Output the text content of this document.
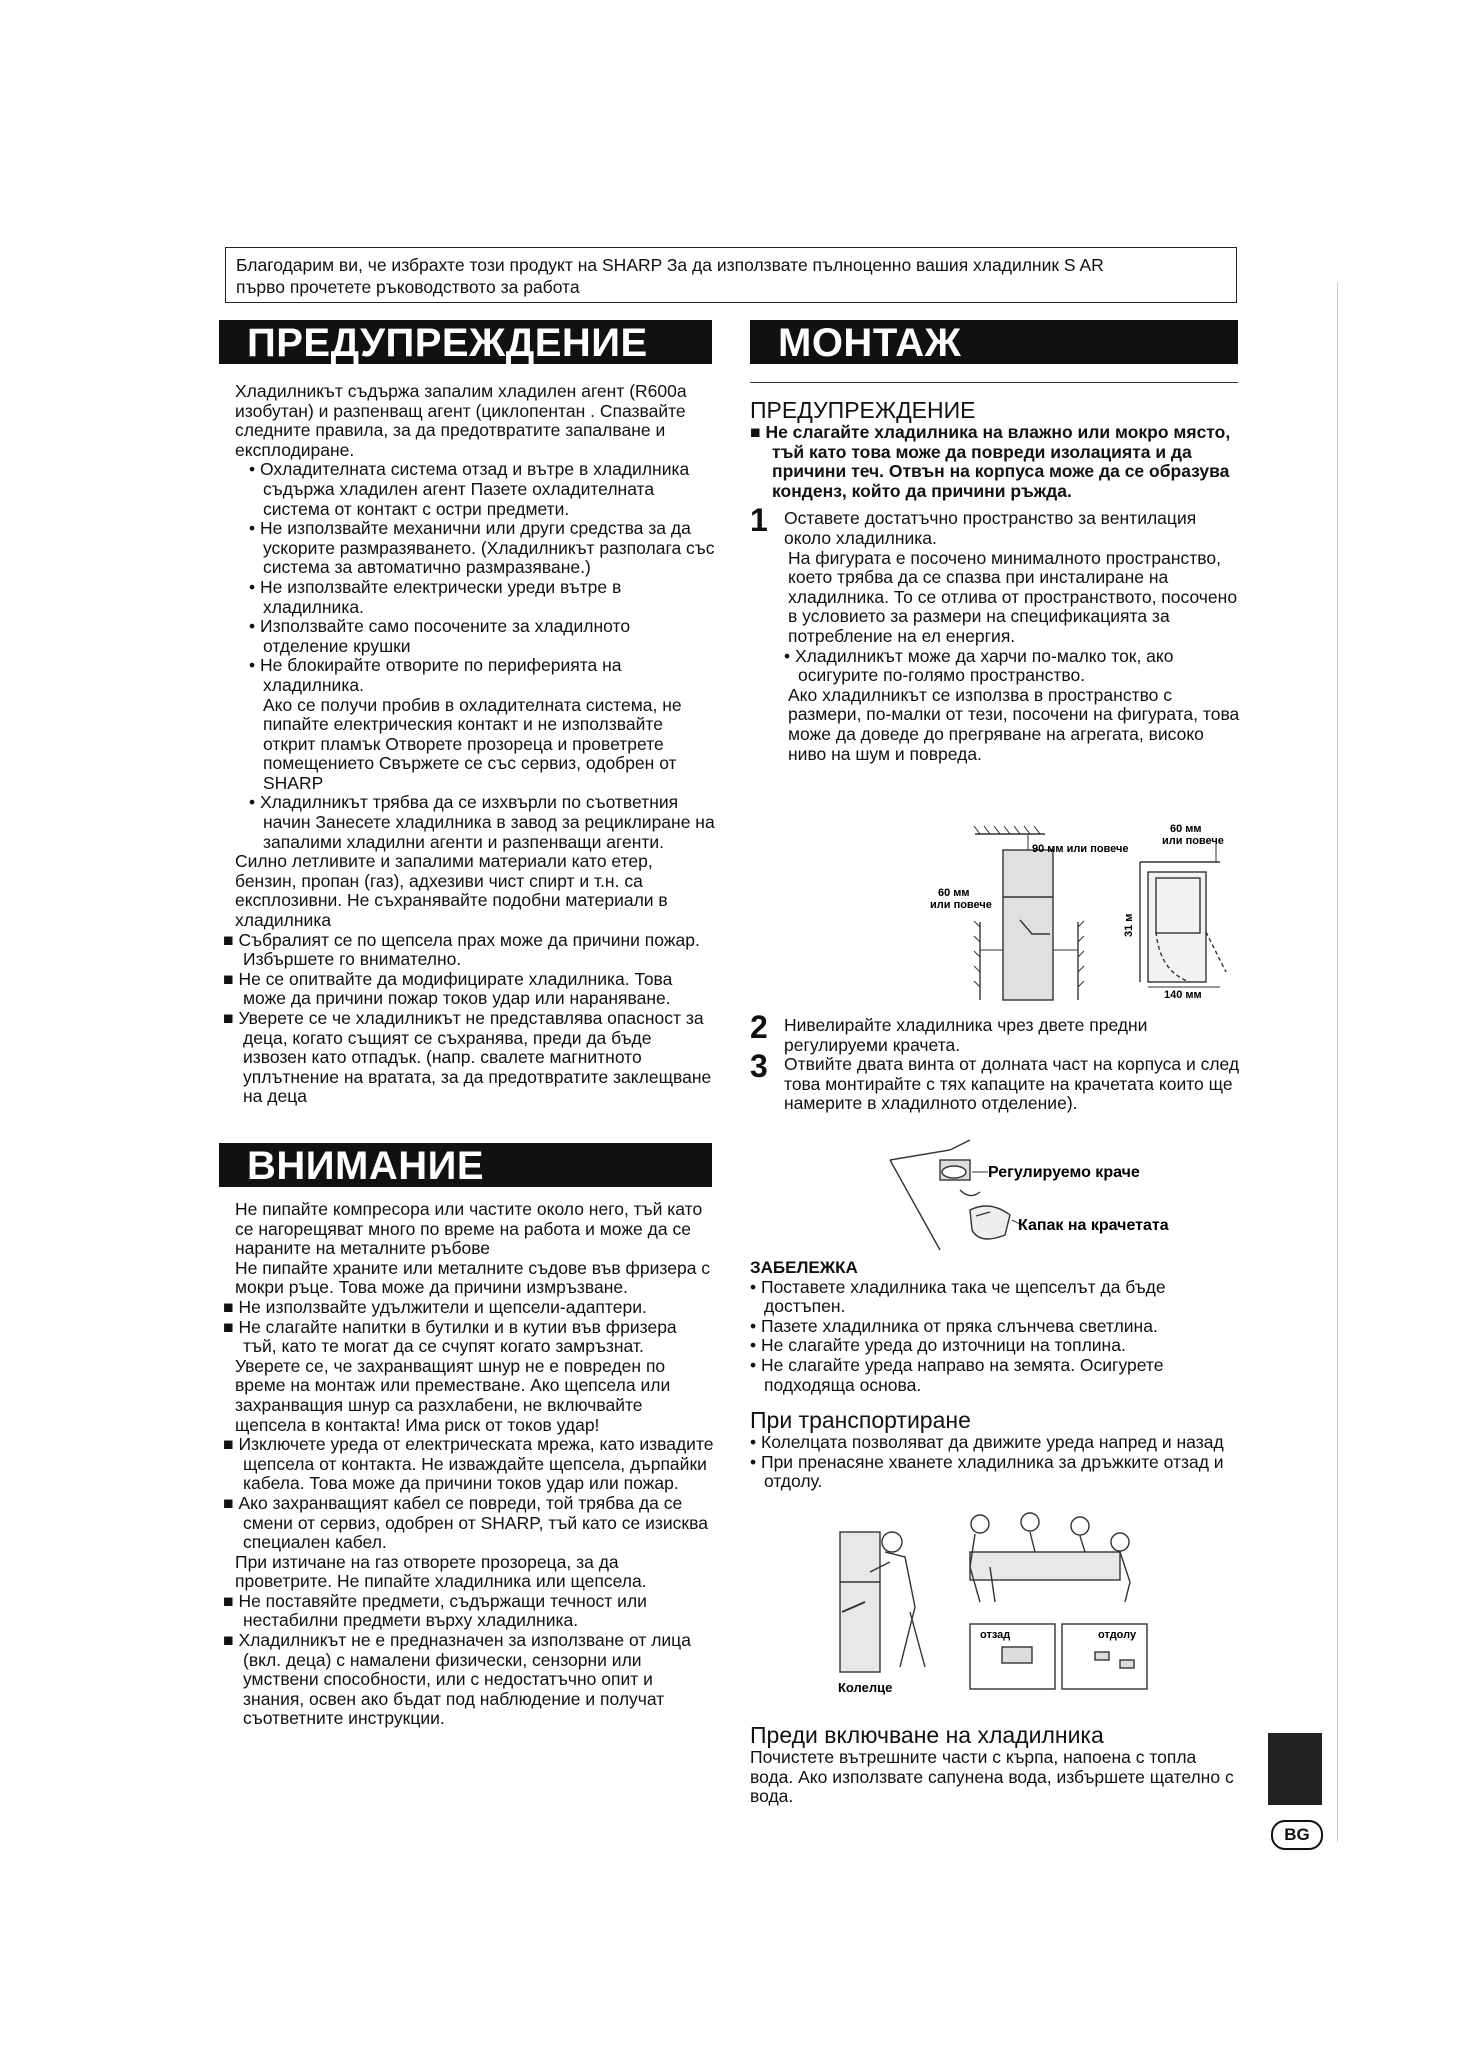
Благодарим ви, че избрахте този продукт на SHARP За да използвате пълноценно вашия хладилник S AR
първо прочетете ръководството за работа
ПРЕДУПРЕЖДЕНИЕ

Хладилникът съдържа запалим хладилен агент (R600a изобутан) и разпенващ агент (циклопентан . Спазвайте следните правила, за да предотвратите запалване и експлодиране.

• Охладителната система отзад и вътре в хладилника съдържа хладилен агент Пазете охладителната система от контакт с остри предмети.

• Не използвайте механични или други средства за да ускорите размразяването. (Хладилникът разполага със система за автоматично размразяване.)

• Не използвайте електрически уреди вътре в хладилника.

• Използвайте само посочените за хладилното отделение крушки

• Не блокирайте отворите по периферията на хладилника.

Ако се получи пробив в охладителната система, не пипайте електрическия контакт и не използвайте открит пламък Отворете прозореца и проветрете помещението Свържете се със сервиз, одобрен от SHARP

• Хладилникът трябва да се изхвърли по съответния начин Занесете хладилника в завод за рециклиране на запалими хладилни агенти и разпенващи агенти.

Силно летливите и запалими материали като етер, бензин, пропан (газ), адхезиви чист спирт и т.н. са експлозивни. Не съхранявайте подобни материали в хладилника

■ Събралият се по щепсела прах може да причини пожар. Избършете го внимателно.

■ Не се опитвайте да модифицирате хладилника. Това може да причини пожар токов удар или нараняване.

■ Уверете се че хладилникът не представлява опасност за деца, когато същият се съхранява, преди да бъде извозен като отпадък. (напр. свалете магнитното уплътнение на вратата, за да предотвратите заклещване на деца

ВНИМАНИЕ

Не пипайте компресора или частите около него, тъй като се нагорещяват много по време на работа и може да се нараните на металните ръбове

Не пипайте храните или металните съдове във фризера с мокри ръце. Това може да причини измръзване.

■ Не използвайте удължители и щепсели-адаптери.

■ Не слагайте напитки в бутилки и в кутии във фризера тъй, като те могат да се счупят когато замръзнат.

Уверете се, че захранващият шнур не е повреден по време на монтаж или преместване. Ако щепсела или захранващия шнур са разхлабени, не включвайте щепсела в контакта! Има риск от токов удар!

■ Изключете уреда от електрическата мрежа, като извадите щепсела от контакта. Не изваждайте щепсела, дърпайки кабела. Това може да причини токов удар или пожар.

■ Ако захранващият кабел се повреди, той трябва да се смени от сервиз, одобрен от SHARP, тъй като се изисква специален кабел.

При изтичане на газ отворете прозореца, за да проветрите. Не пипайте хладилника или щепсела.

■ Не поставяйте предмети, съдържащи течност или нестабилни предмети върху хладилника.

■ Хладилникът не е предназначен за използване от лица (вкл. деца) с намалени физически, сензорни или умствени способности, или с недостатъчно опит и знания, освен ако бъдат под наблюдение и получат съответните инструкции.

МОНТАЖ

ПРЕДУПРЕЖДЕНИЕ

■ Не слагайте хладилника на влажно или мокро място, тъй като това може да повреди изолацията и да причини теч. Отвън на корпуса може да се образува конденз, който да причини ръжда.

1 Оставете достатъчно пространство за вентилация около хладилника.

На фигурата е посочено минималното пространство, което трябва да се спазва при инсталиране на хладилника. То се отлива от пространството, посочено в условието за размери на спецификацията за потребление на ел енергия.

• Хладилникът може да харчи по-малко ток, ако осигурите по-голямо пространство.

Ако хладилникът се използва в пространство с размери, по-малки от тези, посочени на фигурата, това може да доведе до прегряване на агрегата, високо ниво на шум и повреда.

90 мм или повече
60 мм
или повече
60 мм
или повече
31 м
140 мм
2 Нивелирайте хладилника чрез двете предни регулируеми крачета.

3 Отвийте двата винта от долната част на корпуса и след това монтирайте с тях капаците на крачетата които ще намерите в хладилното отделение).

Регулируемо краче
Капак на крачетата

ЗАБЕЛЕЖКА

• Поставете хладилника така че щепселът да бъде достъпен.

• Пазете хладилника от пряка слънчева светлина.

• Не слагайте уреда до източници на топлина.

• Не слагайте уреда направо на земята. Осигурете подходяща основа.

При транспортиране

• Колелцата позволяват да движите уреда напред и назад

• При пренасяне хванете хладилника за дръжките отзад и отдолу.

Колелце
отзад	отдолу

Преди включване на хладилника

Почистете вътрешните части с кърпа, напоена с топла вода. Ако използвате сапунена вода, избършете щателно с вода.

BG
